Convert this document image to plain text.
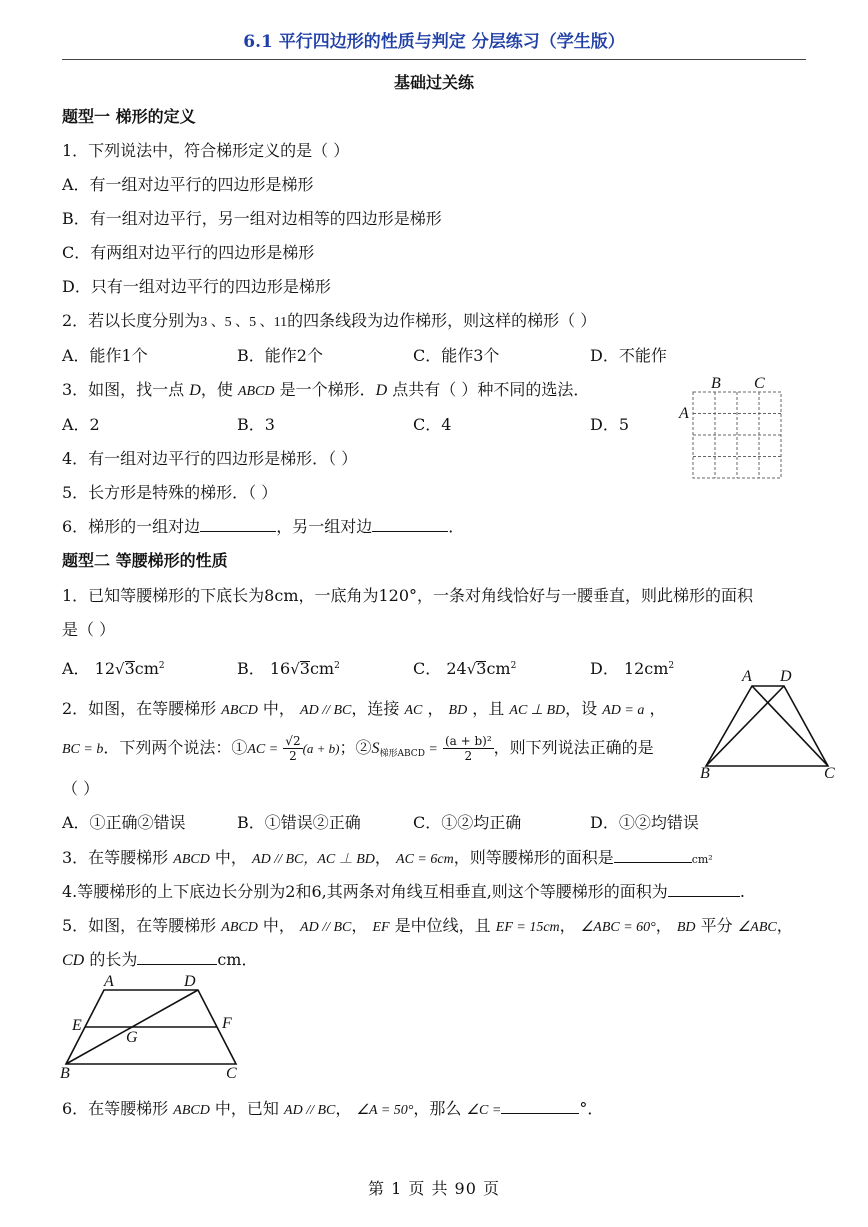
6.1 平行四边形的性质与判定 分层练习（学生版）
基础过关练
题型一 梯形的定义
1．下列说法中，符合梯形定义的是（ ）
A．有一组对边平行的四边形是梯形
B．有一组对边平行，另一组对边相等的四边形是梯形
C．有两组对边平行的四边形是梯形
D．只有一组对边平行的四边形是梯形
2．若以长度分别为3 、5 、5 、11的四条线段为边作梯形，则这样的梯形（ ）
A．能作1个	B．能作2个	C．能作3个	D．不能作
3．如图，找一点 D，使 ABCD 是一个梯形．D 点共有（ ）种不同的选法．
A．2	B．3	C．4	D．5
B C
A
4．有一组对边平行的四边形是梯形．（ ）
5．长方形是特殊的梯形．（ ）
6．梯形的一组对边	，另一组对边	．
题型二 等腰梯形的性质
1．已知等腰梯形的下底长为8cm，一底角为120°，一条对角线恰好与一腰垂直，则此梯形的面积
是（ ）
A． $12√3cm^2$	B． $16√3cm^2$	C． $24√3cm^2$	D． $12cm^2$
2．如图，在等腰梯形 ABCD 中， AD // BC，连接 AC ， BD ，且 AC ⊥ BD，设 AD = a ，
BC = b．下列两个说法：①AC = $\frac{√2}{2} (a + b)$；$②S_{梯形ABCD} = \frac{\text{(a + b)²}}{2}$ ，则下列说法正确的是
（ ）
A D
B	C
A．①正确②错误	B．①错误②正确	C．①②均正确	D．①②均错误
3．在等腰梯形 ABCD 中， AD // BC，AC ⊥ BD， AC = 6cm，则等腰梯形的面积是	cm²
4.等腰梯形的上下底边长分别为2和6,其两条对角线互相垂直,则这个等腰梯形的面积为	.
5．如图，在等腰梯形 ABCD 中， AD // BC， EF 是中位线，且 EF = 15cm， ∠ABC = 60°， BD 平分 ∠ABC，
CD 的长为	cm．
A	D
E	F
G
B	C
6．在等腰梯形 ABCD 中，已知 AD // BC， ∠A = 50°，那么 ∠C =	°．
第 1 页 共 90 页
